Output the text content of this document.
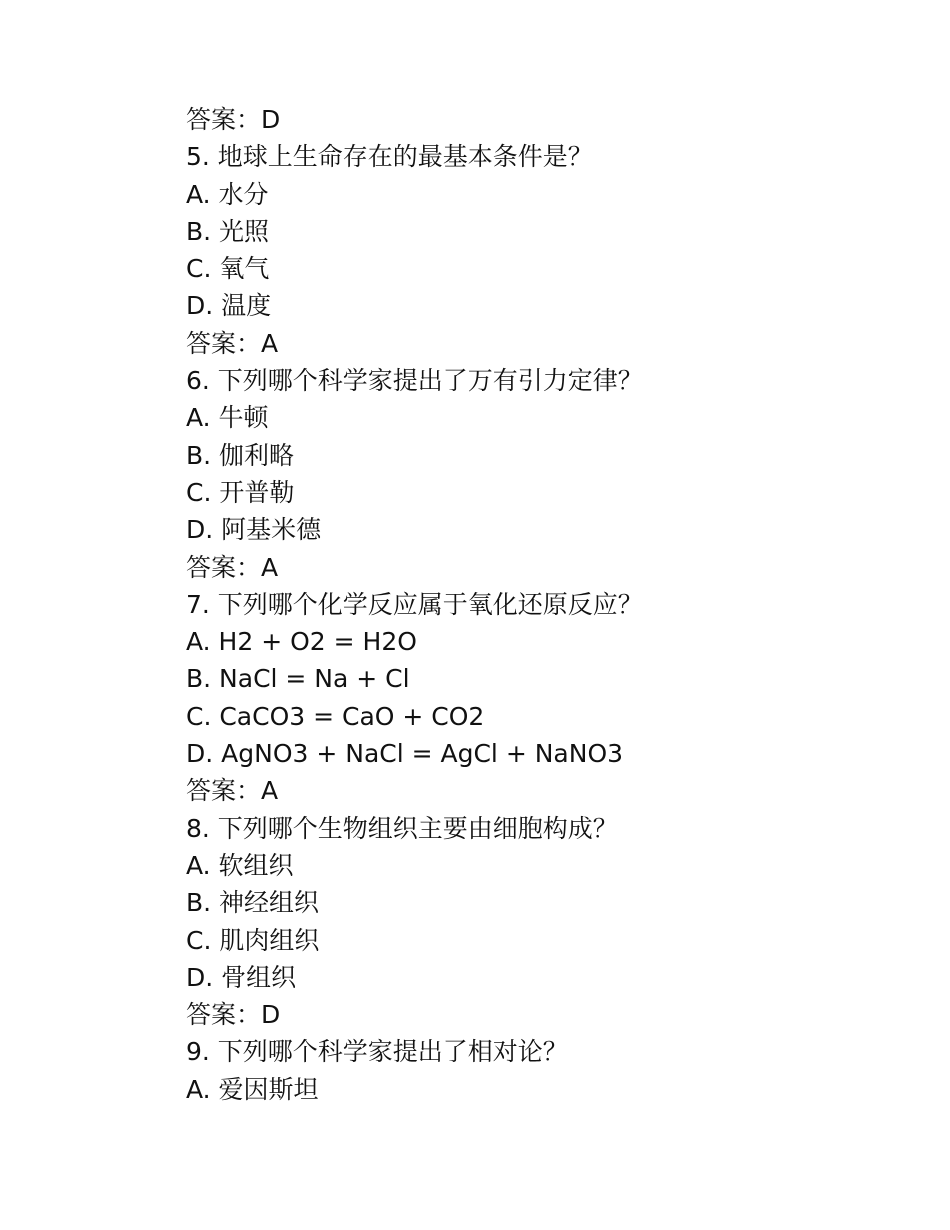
答案：D
5. 地球上生命存在的最基本条件是？
A. 水分
B. 光照
C. 氧气
D. 温度
答案：A
6. 下列哪个科学家提出了万有引力定律？
A. 牛顿
B. 伽利略
C. 开普勒
D. 阿基米德
答案：A
7. 下列哪个化学反应属于氧化还原反应？
A. H2 + O2 = H2O
B. NaCl = Na + Cl
C. CaCO3 = CaO + CO2
D. AgNO3 + NaCl = AgCl + NaNO3
答案：A
8. 下列哪个生物组织主要由细胞构成？
A. 软组织
B. 神经组织
C. 肌肉组织
D. 骨组织
答案：D
9. 下列哪个科学家提出了相对论？
A. 爱因斯坦
